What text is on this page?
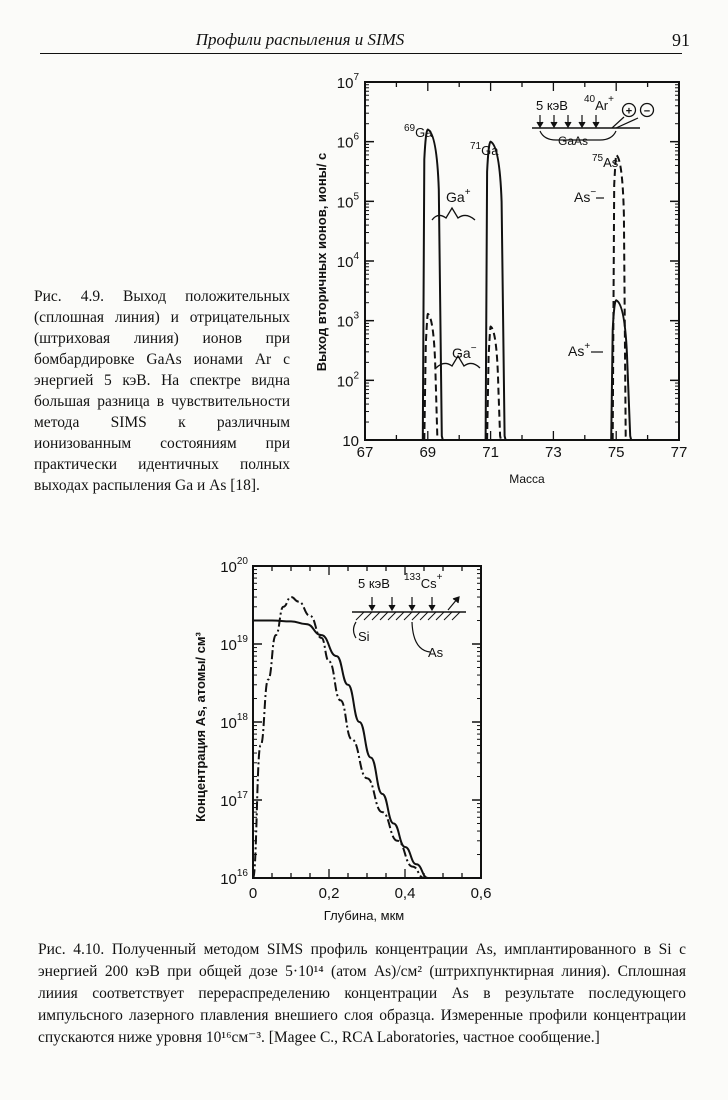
Профили распыления и SIMS	91
Рис. 4.9. Выход положительных (сплошная линия) и отрицательных (штриховая линия) ионов при бомбардировке GaAs ионами Ar с энергией 5 кэВ. На спектре видна большая разница в чувствительности метода SIMS к различным ионизованным состояниям при практически идентичных полных выходах распыления Ga и As [18].
10
$10^2$
$10^3$
$10^4$
$10^5$
$10^6$
$10^7$
67	69	71	73	75	77
Масса
Выход вторичных ионов, ионы/ с
$^{69}$Ga
$^{71}$Ga
$^{75}$As
Ga+
Ga−
As−
As+
5 кэВ $^{40}$Ar+
GaAs
+ −
$10^{16}$
$10^{17}$
$10^{18}$
$10^{19}$
$10^{20}$
0	0,2	0,4	0,6
Глубина, мкм
Концентрация As, атомы/ см³
5 кэВ $^{133}$Cs+
Si
As
Рис. 4.10. Полученный методом SIMS профиль концентрации As, имплантированного в Si с энергией 200 кэВ при общей дозе 5·10¹⁴ (атом As)/см² (штрихпунктирная линия). Сплошная лииия соответствует перераспределению концентрации As в результате последующего импульсного лазерного плавления внешиего слоя образца. Измеренные профили концентрации спускаются ниже уровня 10¹⁶см⁻³. [Magee C., RCA Laboratories, частное сообщение.]
